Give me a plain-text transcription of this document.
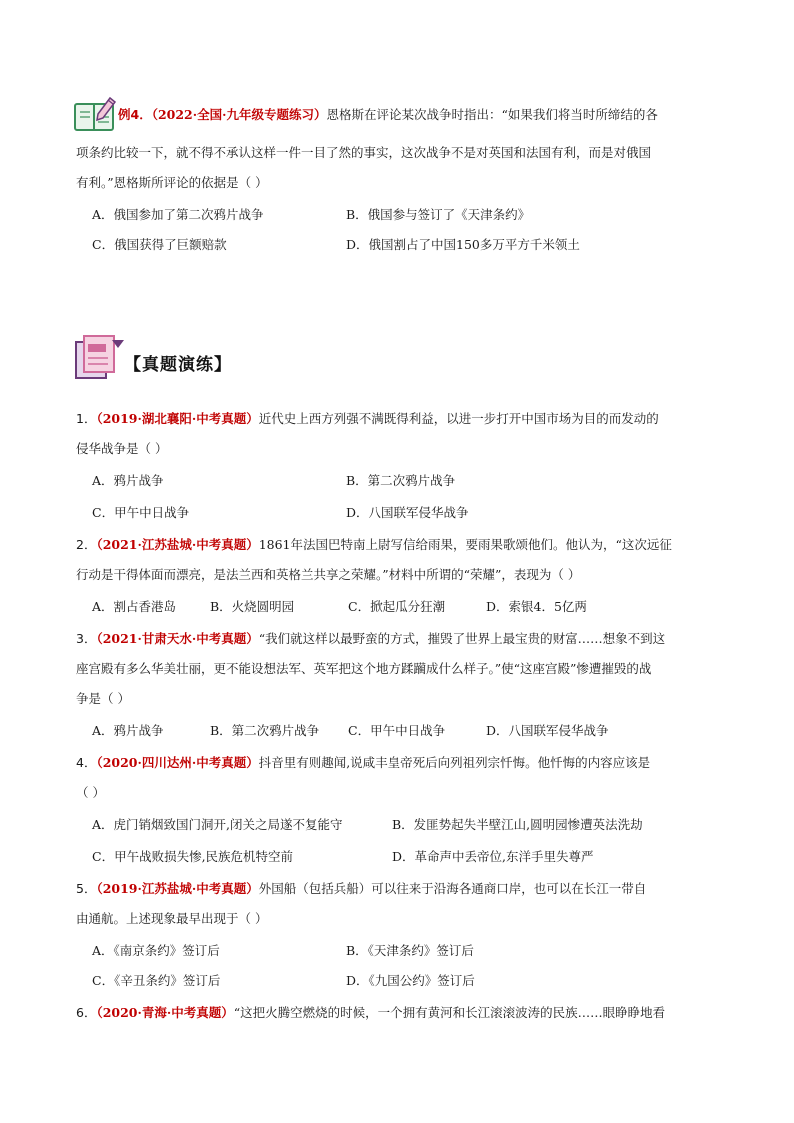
例4．（2022·全国·九年级专题练习）恩格斯在评论某次战争时指出：“如果我们将当时所缔结的各
项条约比较一下，就不得不承认这样一件一目了然的事实，这次战争不是对英国和法国有利，而是对俄国
有利。”恩格斯所评论的依据是（ ）
A．俄国参加了第二次鸦片战争	B．俄国参与签订了《天津条约》
C．俄国获得了巨额赔款	D．俄国割占了中国150多万平方千米领土
【真题演练】
1．（2019·湖北襄阳·中考真题）近代史上西方列强不满既得利益，以进一步打开中国市场为目的而发动的
侵华战争是（ ）
A．鸦片战争	B．第二次鸦片战争
C．甲午中日战争	D．八国联军侵华战争
2．（2021·江苏盐城·中考真题）1861年法国巴特南上尉写信给雨果，要雨果歌颂他们。他认为，“这次远征
行动是干得体面而漂亮，是法兰西和英格兰共享之荣耀。”材料中所谓的“荣耀”，表现为（ ）
A．割占香港岛	B．火烧圆明园	C．掀起瓜分狂潮	D．索银4．5亿两
3．（2021·甘肃天水·中考真题）“我们就这样以最野蛮的方式，摧毁了世界上最宝贵的财富……想象不到这
座宫殿有多么华美壮丽，更不能设想法军、英军把这个地方蹂躏成什么样子。”使“这座宫殿”惨遭摧毁的战
争是（ ）
A．鸦片战争	B．第二次鸦片战争 C．甲午中日战争	D．八国联军侵华战争
4．（2020·四川达州·中考真题）抖音里有则趣闻,说咸丰皇帝死后向列祖列宗忏悔。他忏悔的内容应该是
（ ）
A．虎门销烟致国门洞开,闭关之局遂不复能守	B．发匪势起失半壁江山,圆明园惨遭英法洗劫
C．甲午战败损失惨,民族危机特空前	D．革命声中丢帝位,东洋手里失尊严
5．（2019·江苏盐城·中考真题）外国船（包括兵船）可以往来于沿海各通商口岸，也可以在长江一带自
由通航。上述现象最早出现于（ ）
A．《南京条约》签订后	B．《天津条约》签订后
C．《辛丑条约》签订后	D．《九国公约》签订后
6．（2020·青海·中考真题）“这把火腾空燃烧的时候，一个拥有黄河和长江滚滚波涛的民族……眼睁睁地看
